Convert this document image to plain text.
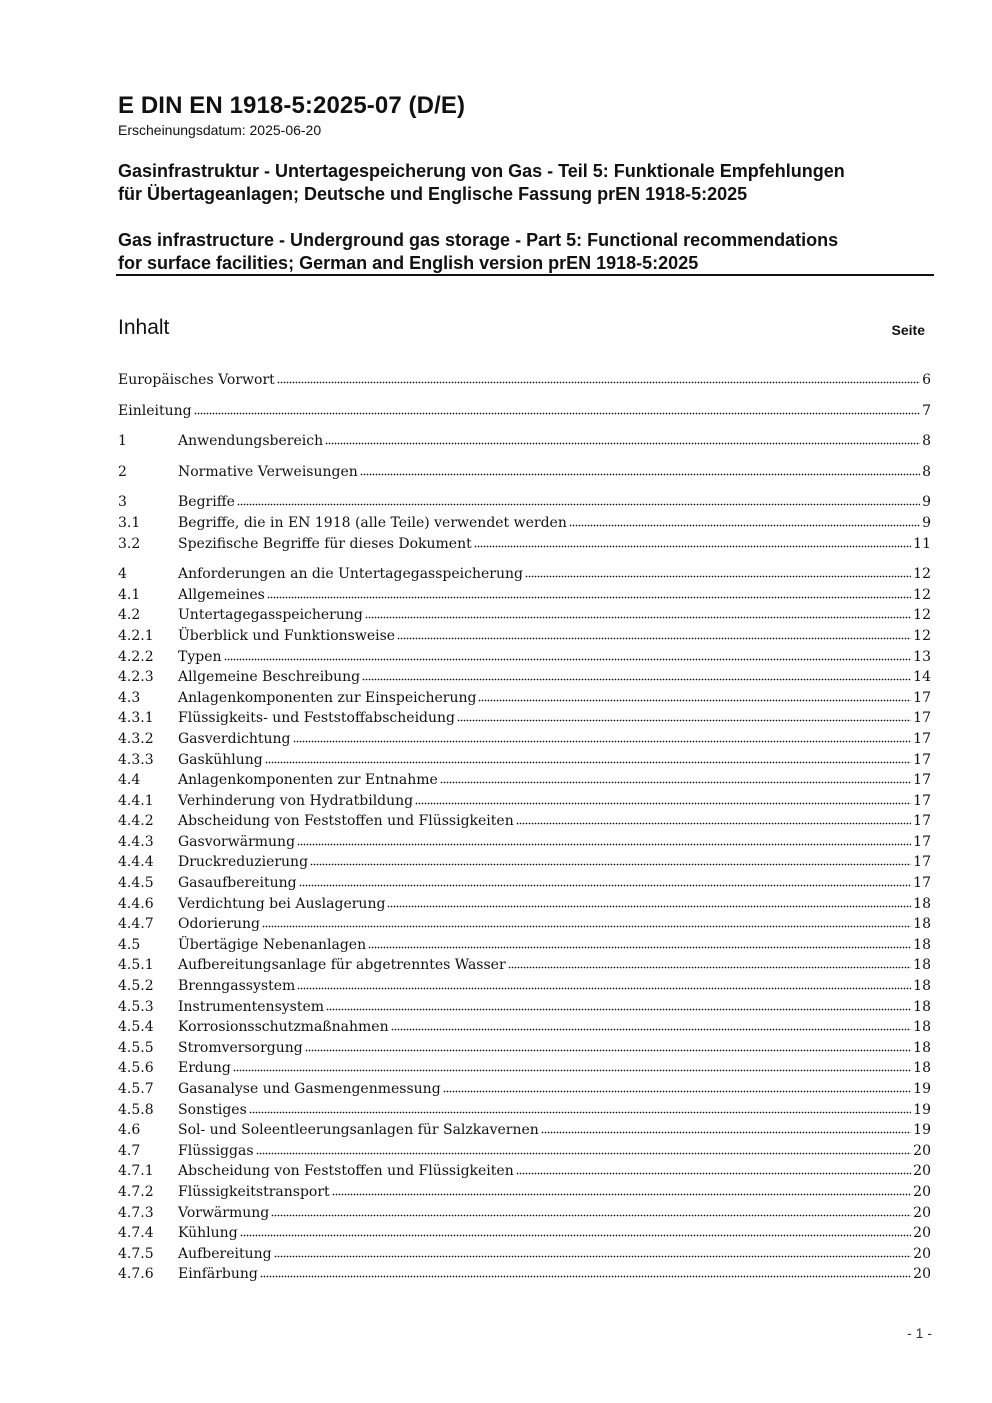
E DIN EN 1918-5:2025-07 (D/E)
Erscheinungsdatum: 2025-06-20
Gasinfrastruktur - Untertagespeicherung von Gas - Teil 5: Funktionale Empfehlungen
für Übertageanlagen; Deutsche und Englische Fassung prEN 1918-5:2025
Gas infrastructure - Underground gas storage - Part 5: Functional recommendations
for surface facilities; German and English version prEN 1918-5:2025
Inhalt	Seite
Europäisches Vorwort	6
Einleitung	7
1	Anwendungsbereich	8
2	Normative Verweisungen	8
3	Begriffe	9
3.1	Begriffe, die in EN 1918 (alle Teile) verwendet werden	9
3.2	Spezifische Begriffe für dieses Dokument	11
4	Anforderungen an die Untertagegasspeicherung	12
4.1	Allgemeines	12
4.2	Untertagegasspeicherung	12
4.2.1	Überblick und Funktionsweise	12
4.2.2	Typen	13
4.2.3	Allgemeine Beschreibung	14
4.3	Anlagenkomponenten zur Einspeicherung	17
4.3.1	Flüssigkeits- und Feststoffabscheidung	17
4.3.2	Gasverdichtung	17
4.3.3	Gaskühlung	17
4.4	Anlagenkomponenten zur Entnahme	17
4.4.1	Verhinderung von Hydratbildung	17
4.4.2	Abscheidung von Feststoffen und Flüssigkeiten	17
4.4.3	Gasvorwärmung	17
4.4.4	Druckreduzierung	17
4.4.5	Gasaufbereitung	17
4.4.6	Verdichtung bei Auslagerung	18
4.4.7	Odorierung	18
4.5	Übertägige Nebenanlagen	18
4.5.1	Aufbereitungsanlage für abgetrenntes Wasser	18
4.5.2	Brenngassystem	18
4.5.3	Instrumentensystem	18
4.5.4	Korrosionsschutzmaßnahmen	18
4.5.5	Stromversorgung	18
4.5.6	Erdung	18
4.5.7	Gasanalyse und Gasmengenmessung	19
4.5.8	Sonstiges	19
4.6	Sol- und Soleentleerungsanlagen für Salzkavernen	19
4.7	Flüssiggas	20
4.7.1	Abscheidung von Feststoffen und Flüssigkeiten	20
4.7.2	Flüssigkeitstransport	20
4.7.3	Vorwärmung	20
4.7.4	Kühlung	20
4.7.5	Aufbereitung	20
4.7.6	Einfärbung	20
- 1 -
